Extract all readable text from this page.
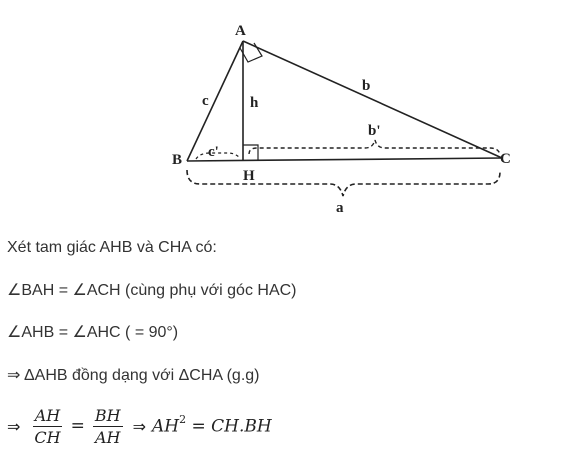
A
B	C
H
c	h
b
b'
c'
a
Xét tam giác AHB và CHA có:
∠BAH = ∠ACH (cùng phụ với góc HAC)
∠AHB = ∠AHC ( = 90°)
⇒ ΔAHB đồng dạng với ΔCHA (g.g)
⇒ $\frac{AH}{CH} = \frac{BH}{AH}$ ⇒ $AH^2 = CH.BH$
